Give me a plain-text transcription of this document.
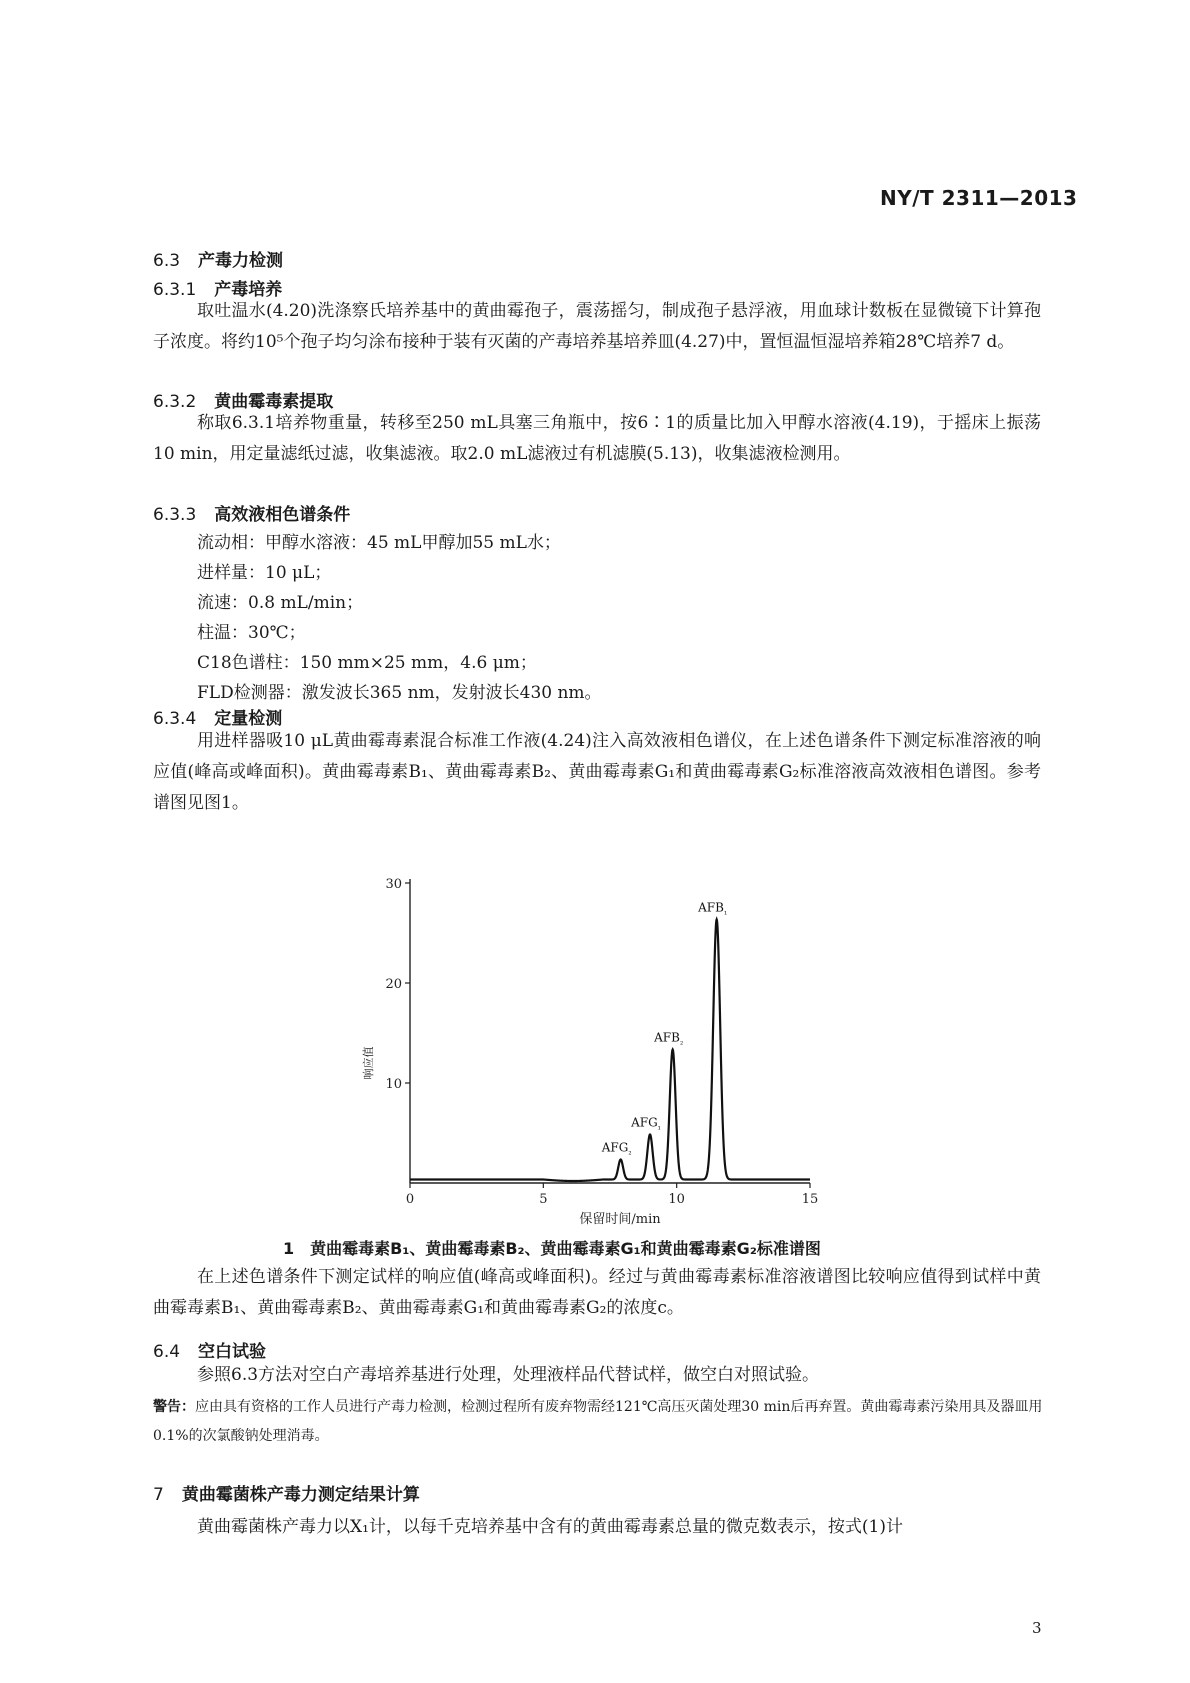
NY/T 2311—2013
6.3 产毒力检测
6.3.1 产毒培养
取吐温水(4.20)洗涤察氏培养基中的黄曲霉孢子，震荡摇匀，制成孢子悬浮液，用血球计数板在显微镜下计算孢子浓度。将约10⁵个孢子均匀涂布接种于装有灭菌的产毒培养基培养皿(4.27)中，置恒温恒湿培养箱28℃培养7 d。
6.3.2 黄曲霉毒素提取
称取6.3.1培养物重量，转移至250 mL具塞三角瓶中，按6∶1的质量比加入甲醇水溶液(4.19)，于摇床上振荡10 min，用定量滤纸过滤，收集滤液。取2.0 mL滤液过有机滤膜(5.13)，收集滤液检测用。
6.3.3 高效液相色谱条件
流动相：甲醇水溶液：45 mL甲醇加55 mL水；
进样量：10 μL；
流速：0.8 mL/min；
柱温：30℃；
C18色谱柱：150 mm×25 mm，4.6 μm；
FLD检测器：激发波长365 nm，发射波长430 nm。
6.3.4 定量检测
用进样器吸10 μL黄曲霉毒素混合标准工作液(4.24)注入高效液相色谱仪，在上述色谱条件下测定标准溶液的响应值(峰高或峰面积)。黄曲霉毒素B₁、黄曲霉毒素B₂、黄曲霉毒素G₁和黄曲霉毒素G₂标准溶液高效液相色谱图。参考谱图见图1。
10
20
30
0	5	10	15
保留时间/min
响应值
$AFG_{_2}$
$AFG_{_1}$
$AFB_{_2}$
$AFB_{_1}$
1　黄曲霉毒素B₁、黄曲霉毒素B₂、黄曲霉毒素G₁和黄曲霉毒素G₂标准谱图
在上述色谱条件下测定试样的响应值(峰高或峰面积)。经过与黄曲霉毒素标准溶液谱图比较响应值得到试样中黄曲霉毒素B₁、黄曲霉毒素B₂、黄曲霉毒素G₁和黄曲霉毒素G₂的浓度c。
6.4 空白试验
参照6.3方法对空白产毒培养基进行处理，处理液样品代替试样，做空白对照试验。
警告：应由具有资格的工作人员进行产毒力检测，检测过程所有废弃物需经121℃高压灭菌处理30 min后再弃置。黄曲霉毒素污染用具及器皿用0.1%的次氯酸钠处理消毒。
7 黄曲霉菌株产毒力测定结果计算
黄曲霉菌株产毒力以X₁计，以每千克培养基中含有的黄曲霉毒素总量的微克数表示，按式(1)计
3
